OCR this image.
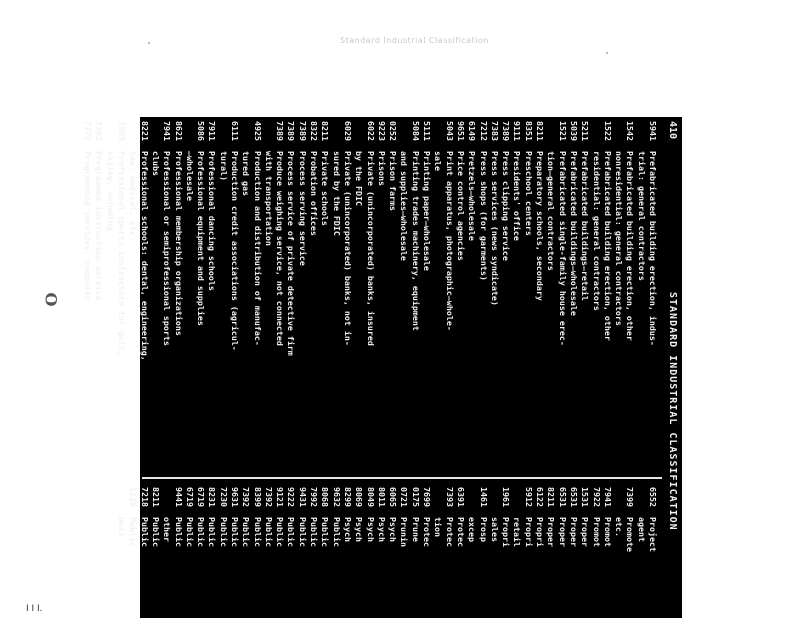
Standard Industrial Classification
O
I I I.
410
STANDARD INDUSTRIAL CLASSIFICATION
5941
Prefabricated building erection, indus-
trial: general contractors
1542
Prefabricated building erection, other
nonresidential: general contractors
1522
Prefabricated building erection, other
residential: general contractors
5211
Prefabricated buildings—retail
5039
Prefabricated buildings—wholesale
1521
Prefabricated single-family house erec-
tion—general contractors
8211
Preparatory schools, secondary
8351
Preschool centers
9111
Presidents' office
7389
Press clipping service
7383
Press services (news syndicate)
7212
Press shops (for garments)
6149
Pretzels—wholesale
9651
Price control agencies
5043
Print apparatus, photographic—whole-
sale
5111
Printing paper—wholesale
5084
Printing trades machinery, equipment
and supplies—wholesale
0252
Prison farms
9223
Prisons
6022
Private (unincorporated) banks, insured
by the FDIC
6029
Private (unincorporated) banks, not in-
sured by the FDIC
8211
Private schools
8322
Probation offices
7389
Process serving service
7389
Process service of private detective firm
7389
Produce weighing service, not connected
with transportation
4925
Production and distribution of manufac-
tured gas
6111
Production credit associations (agricul-
tural)
7911
Professional dancing schools
5086
Professional equipment and supplies
—wholesale
8621
Professional membership organizations
7941
Professional or semiprofessional sports
clubs
8221
Professional schools: dental, engineering,
law, medical, etc.
7999
Professional sports instructors for golf,
skiing, swimming
7392
Programmed instruction service
7372
Programming services, computer
6552
Project
agent
7399
Promote
etc.
7941
Promot
7922
Promot
1531
Proper
6531
Proper
6531
Proper
8211
Proper
6122
Propri
5912
Propri
retail
1961
Propri
sales
1461
Prosp
excep
6391
Protec
7393
Protec
tion
7699
Protec
0175
Prune
0721
Prunin
6065
Psych
8011
Psych
8049
Psych
8069
Psych
8299
Psych
9632
Public
8068
Public
7992
Public
9431
Public
9222
Public
9121
Public
7392
Public
8399
Public
7392
Public
9631
Public
7230
Public
8231
Public
6719
Public
6719
Public
9441
Public
other
8211
Public
7218
Public
1539
Public
busi
